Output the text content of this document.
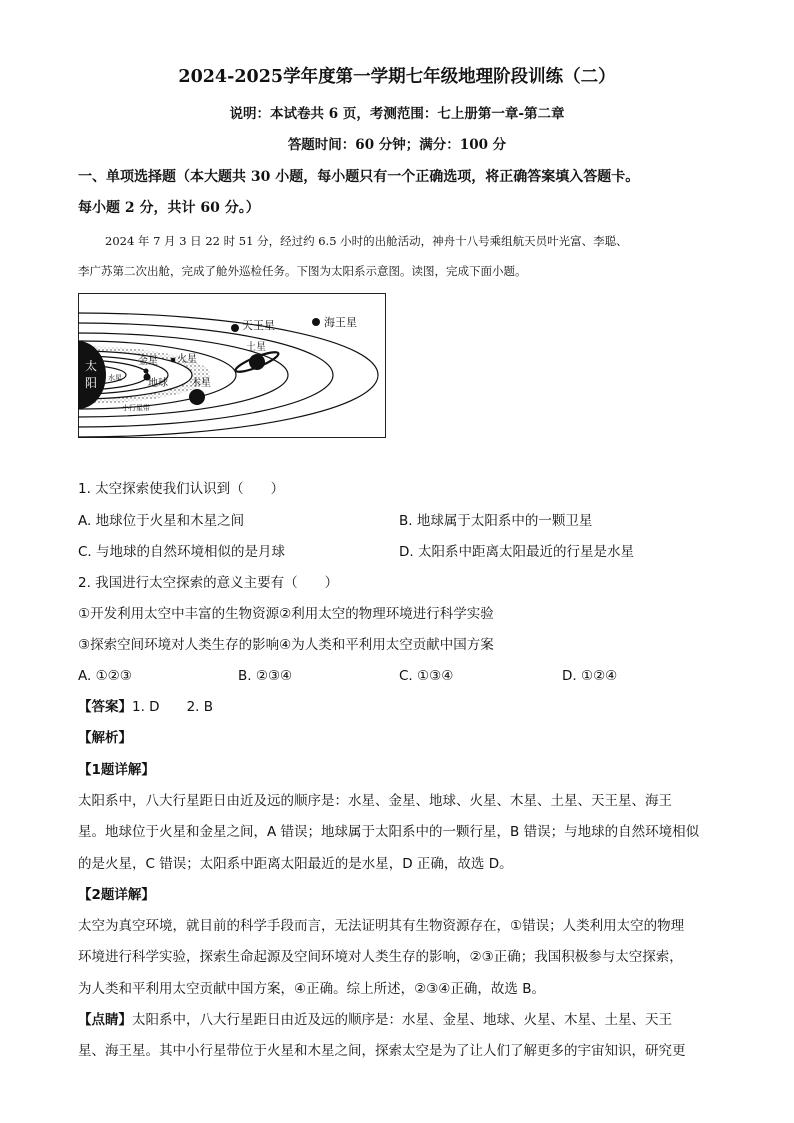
2024-2025学年度第一学期七年级地理阶段训练（二）
说明：本试卷共 6 页，考测范围：七上册第一章-第二章
答题时间：60 分钟；满分：100 分
一、单项选择题（本大题共 30 小题，每小题只有一个正确选项，将正确答案填入答题卡。
每小题 2 分，共计 60 分。）
2024 年 7 月 3 日 22 时 51 分，经过约 6.5 小时的出舱活动，神舟十八号乘组航天员叶光富、李聪、
李广苏第二次出舱，完成了舱外巡检任务。下图为太阳系示意图。读图，完成下面小题。
太
阳 水星
金星
地球
火星
小行星带
木星
土星
天王星	海王星
1. 太空探索使我们认识到（　　）
A. 地球位于火星和木星之间	B. 地球属于太阳系中的一颗卫星
C. 与地球的自然环境相似的是月球	D. 太阳系中距离太阳最近的行星是水星
2. 我国进行太空探索的意义主要有（　　）
①开发利用太空中丰富的生物资源②利用太空的物理环境进行科学实验
③探索空间环境对人类生存的影响④为人类和平利用太空贡献中国方案
A. ①②③	B. ②③④	C. ①③④	D. ①②④
【答案】1. D　　2. B
【解析】
【1题详解】
太阳系中，八大行星距日由近及远的顺序是：水星、金星、地球、火星、木星、土星、天王星、海王
星。地球位于火星和金星之间，A 错误；地球属于太阳系中的一颗行星，B 错误；与地球的自然环境相似
的是火星，C 错误；太阳系中距离太阳最近的是水星，D 正确，故选 D。
【2题详解】
太空为真空环境，就目前的科学手段而言，无法证明其有生物资源存在，①错误；人类利用太空的物理
环境进行科学实验，探索生命起源及空间环境对人类生存的影响，②③正确；我国积极参与太空探索，
为人类和平利用太空贡献中国方案，④正确。综上所述，②③④正确，故选 B。
【点睛】太阳系中，八大行星距日由近及远的顺序是：水星、金星、地球、火星、木星、土星、天王
星、海王星。其中小行星带位于火星和木星之间，探索太空是为了让人们了解更多的宇宙知识，研究更
